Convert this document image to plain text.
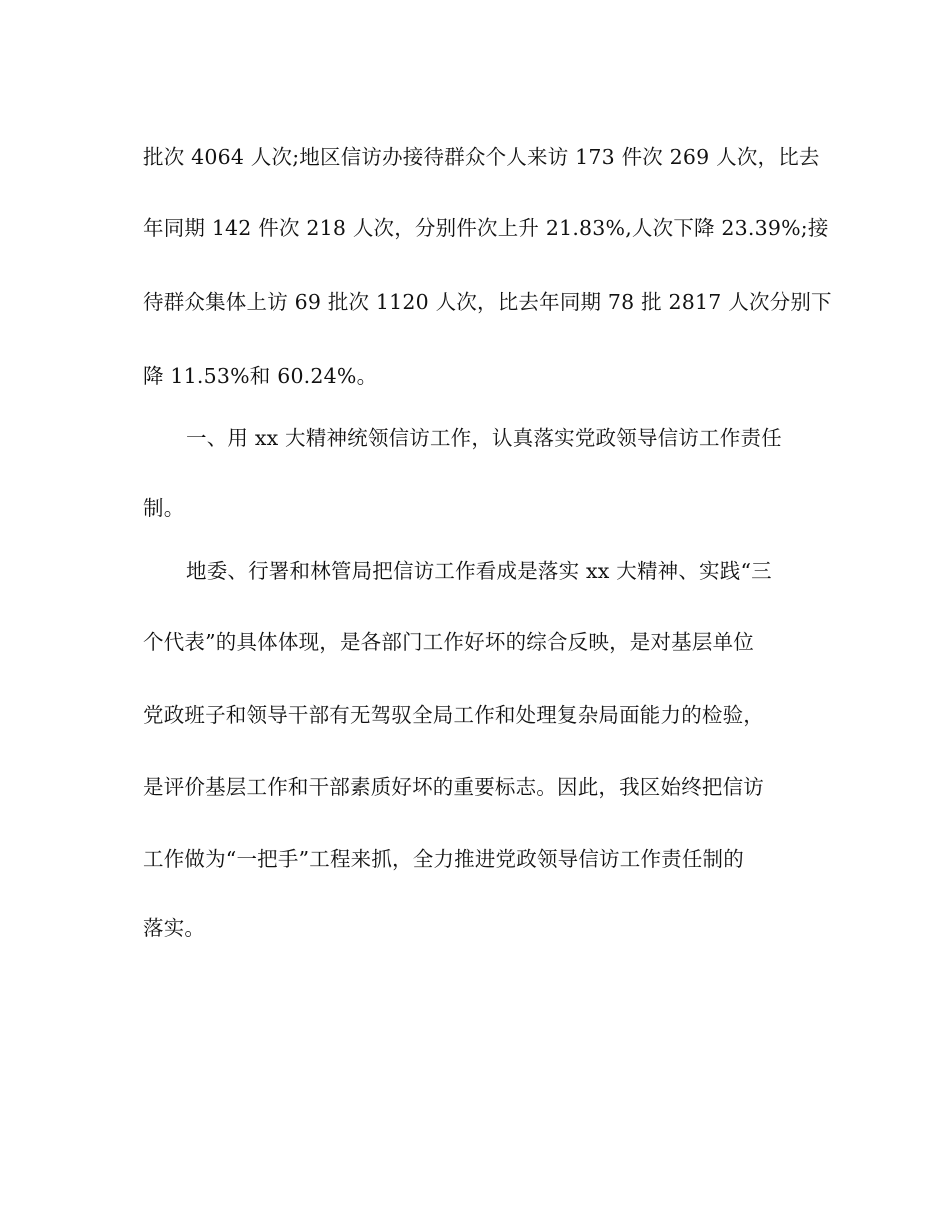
批次 4064 人次;地区信访办接待群众个人来访 173 件次 269 人次，比去
年同期 142 件次 218 人次，分别件次上升 21.83%,人次下降 23.39%;接
待群众集体上访 69 批次 1120 人次，比去年同期 78 批 2817 人次分别下
降 11.53%和 60.24%。
一、用 xx 大精神统领信访工作，认真落实党政领导信访工作责任
制。
地委、行署和林管局把信访工作看成是落实 xx 大精神、实践“三
个代表”的具体体现，是各部门工作好坏的综合反映，是对基层单位
党政班子和领导干部有无驾驭全局工作和处理复杂局面能力的检验，
是评价基层工作和干部素质好坏的重要标志。因此，我区始终把信访
工作做为“一把手”工程来抓，全力推进党政领导信访工作责任制的
落实。
